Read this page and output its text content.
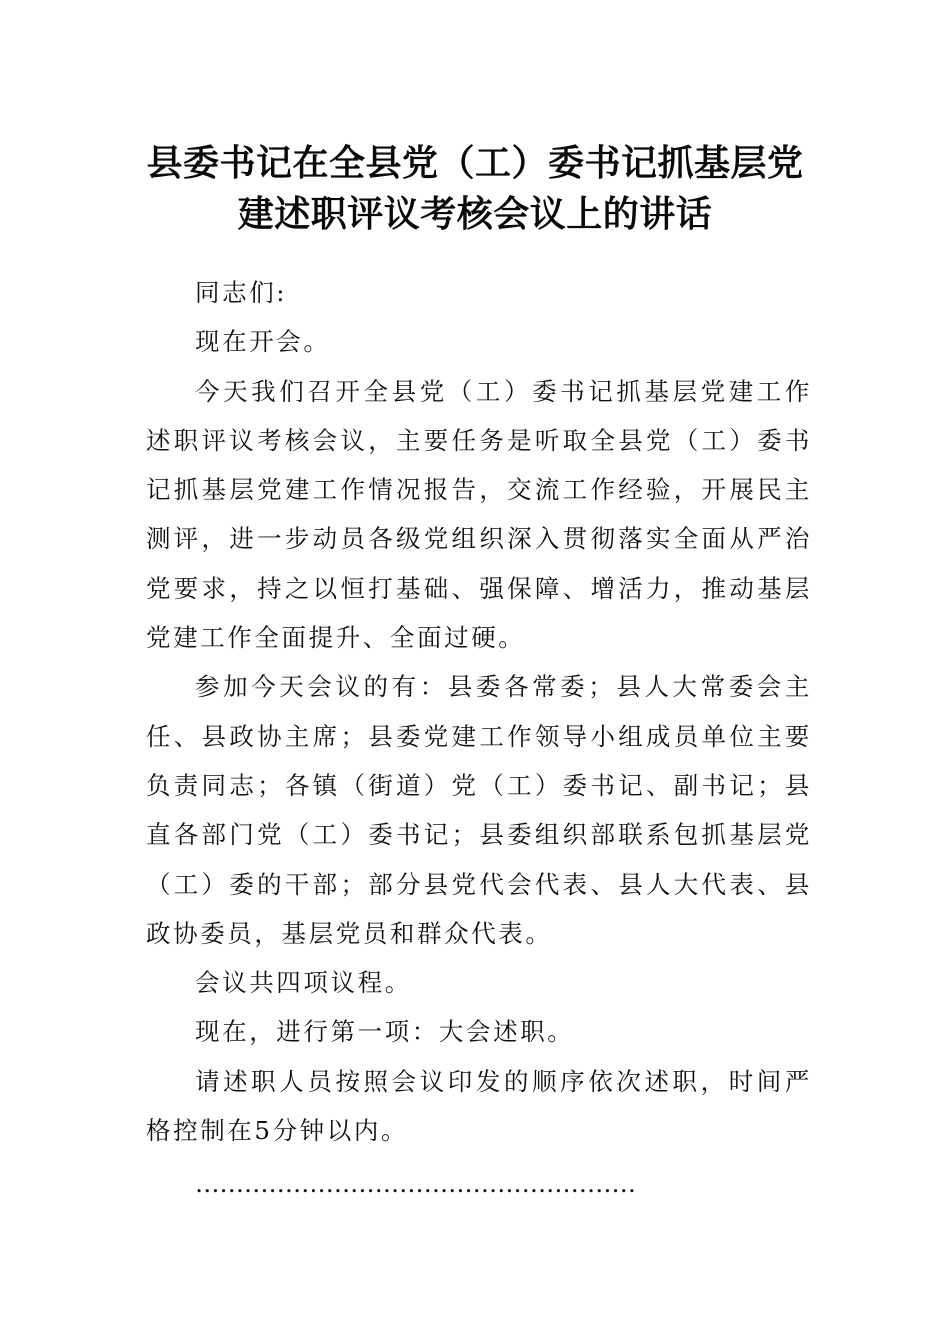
县委书记在全县党（工）委书记抓基层党
建述职评议考核会议上的讲话

同志们:

现在开会。

今天我们召开全县党（工）委书记抓基层党建工作述职评议考核会议，主要任务是听取全县党（工）委书记抓基层党建工作情况报告，交流工作经验，开展民主测评，进一步动员各级党组织深入贯彻落实全面从严治党要求，持之以恒打基础、强保障、增活力，推动基层党建工作全面提升、全面过硬。

参加今天会议的有：县委各常委；县人大常委会主任、县政协主席；县委党建工作领导小组成员单位主要负责同志；各镇（街道）党（工）委书记、副书记；县直各部门党（工）委书记；县委组织部联系包抓基层党（工）委的干部；部分县党代会代表、县人大代表、县政协委员，基层党员和群众代表。

会议共四项议程。

现在，进行第一项：大会述职。

请述职人员按照会议印发的顺序依次述职，时间严格控制在5分钟以内。

………………………………………………
